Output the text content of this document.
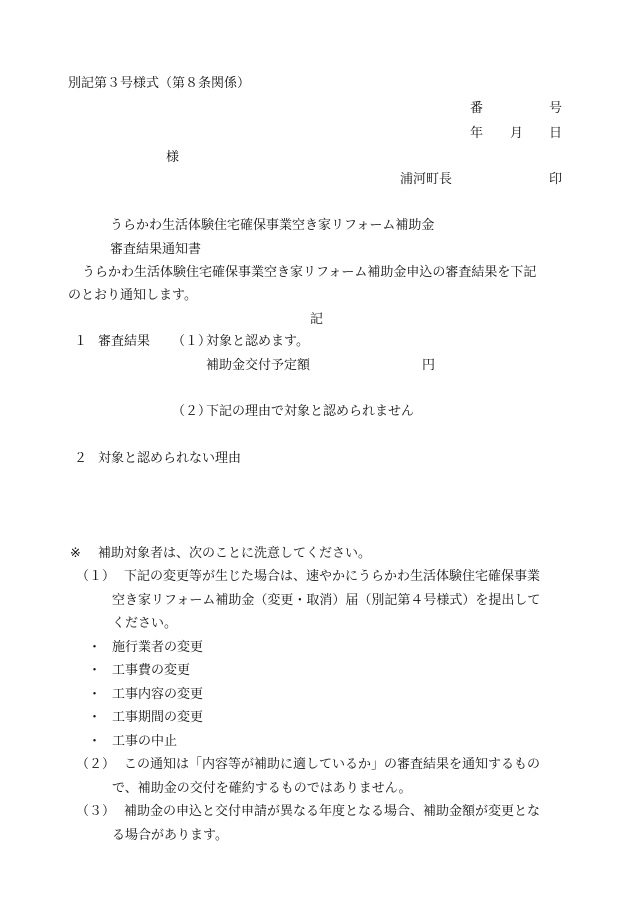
別記第３号様式（第８条関係）
番	号
年 月 日
様
浦河町長	印
うらかわ生活体験住宅確保事業空き家リフォーム補助金
審査結果通知書
うらかわ生活体験住宅確保事業空き家リフォーム補助金申込の審査結果を下記
のとおり通知します。
記
１ 審査結果 （１）
対象と認めます。
補助金交付予定額	円
（２）
下記の理由で対象と認められません
２ 対象と認められない理由
※ 補助対象者は、次のことに洗意してください。
（１） 下記の変更等が生じた場合は、速やかにうらかわ生活体験住宅確保事業
空き家リフォーム補助金（変更・取消）届（別記第４号様式）を提出して
ください。
・ 施行業者の変更
・ 工事費の変更
・ 工事内容の変更
・ 工事期間の変更
・ 工事の中止
（２） この通知は「内容等が補助に適しているか」の審査結果を通知するもの
で、補助金の交付を確約するものではありません。
（３） 補助金の申込と交付申請が異なる年度となる場合、補助金額が変更とな
る場合があります。
